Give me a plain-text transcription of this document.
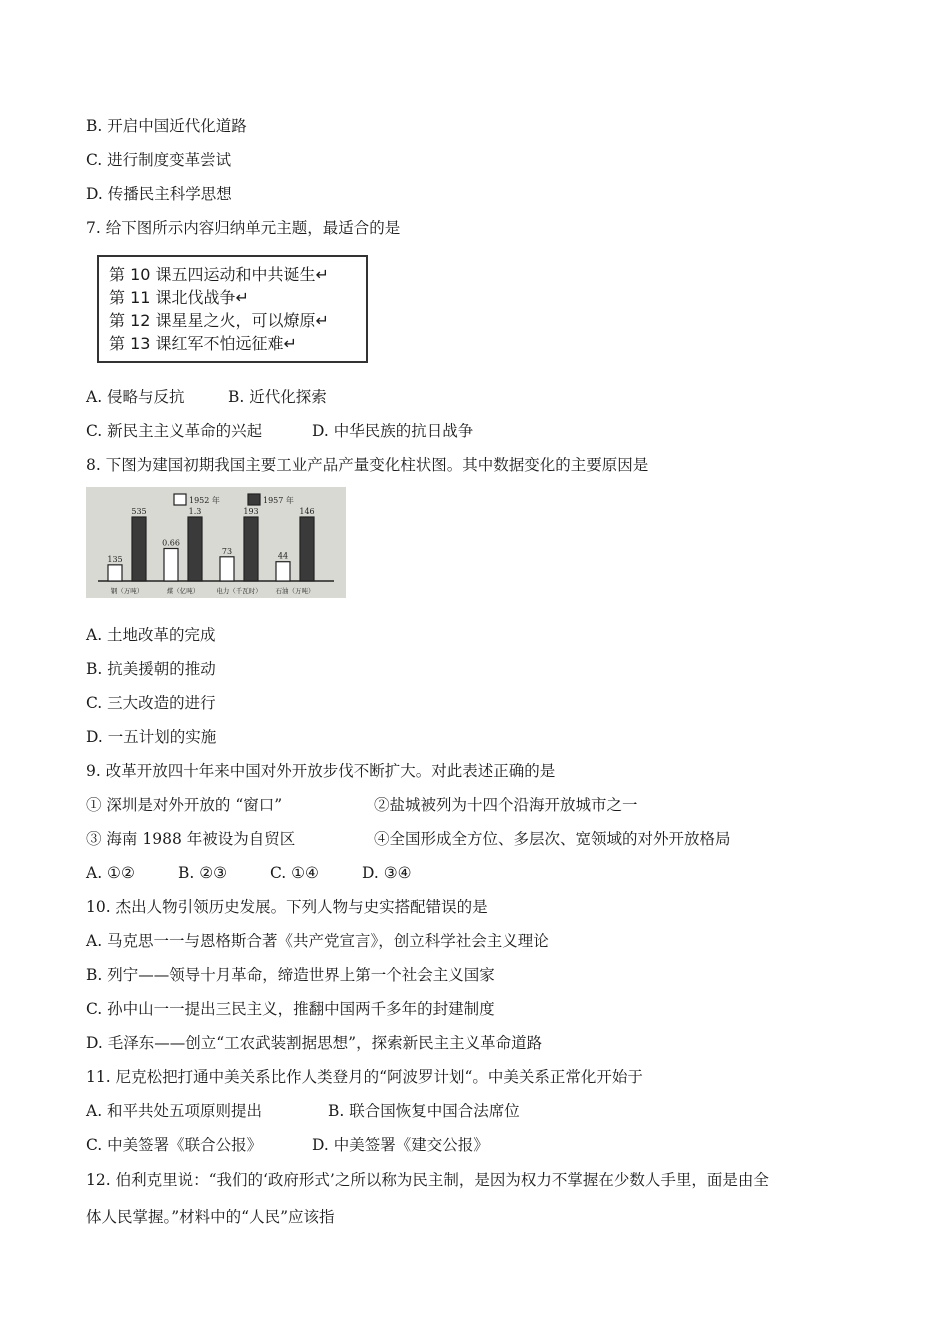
B. 开启中国近代化道路
C. 进行制度变革尝试
D. 传播民主科学思想
7. 给下图所示内容归纳单元主题，最适合的是
第 10 课五四运动和中共诞生↵
第 11 课北伐战争↵
第 12 课星星之火，可以燎原↵
第 13 课红军不怕远征难↵
A. 侵略与反抗	B. 近代化探索
C. 新民主主义革命的兴起	D. 中华民族的抗日战争
8. 下图为建国初期我国主要工业产品产量变化柱状图。其中数据变化的主要原因是
1952 年	1957 年
135
535
钢（万吨）
0.66
1.3
煤（亿吨）
73
193
电力（千瓦时）
44
146
石油（万吨）
A. 土地改革的完成
B. 抗美援朝的推动
C. 三大改造的进行
D. 一五计划的实施
9. 改革开放四十年来中国对外开放步伐不断扩大。对此表述正确的是
① 深圳是对外开放的 “窗口”	②盐城被列为十四个沿海开放城市之一
③ 海南 1988 年被设为自贸区	④全国形成全方位、多层次、宽领域的对外开放格局
A. ①②	B. ②③	C. ①④	D. ③④
10. 杰出人物引领历史发展。下列人物与史实搭配错误的是
A. 马克思一一与恩格斯合著《共产党宣言》，创立科学社会主义理论
B. 列宁——领导十月革命，缔造世界上第一个社会主义国家
C. 孙中山一一提出三民主义，推翻中国两千多年的封建制度
D. 毛泽东——创立“工农武装割据思想”，探索新民主主义革命道路
11. 尼克松把打通中美关系比作人类登月的“阿波罗计划“。中美关系正常化开始于
A. 和平共处五项原则提出	B. 联合国恢复中国合法席位
C. 中美签署《联合公报》	D. 中美签署《建交公报》
12. 伯利克里说：“我们的‘政府形式’之所以称为民主制，是因为权力不掌握在少数人手里，面是由全
体人民掌握。”材料中的“人民”应该指
